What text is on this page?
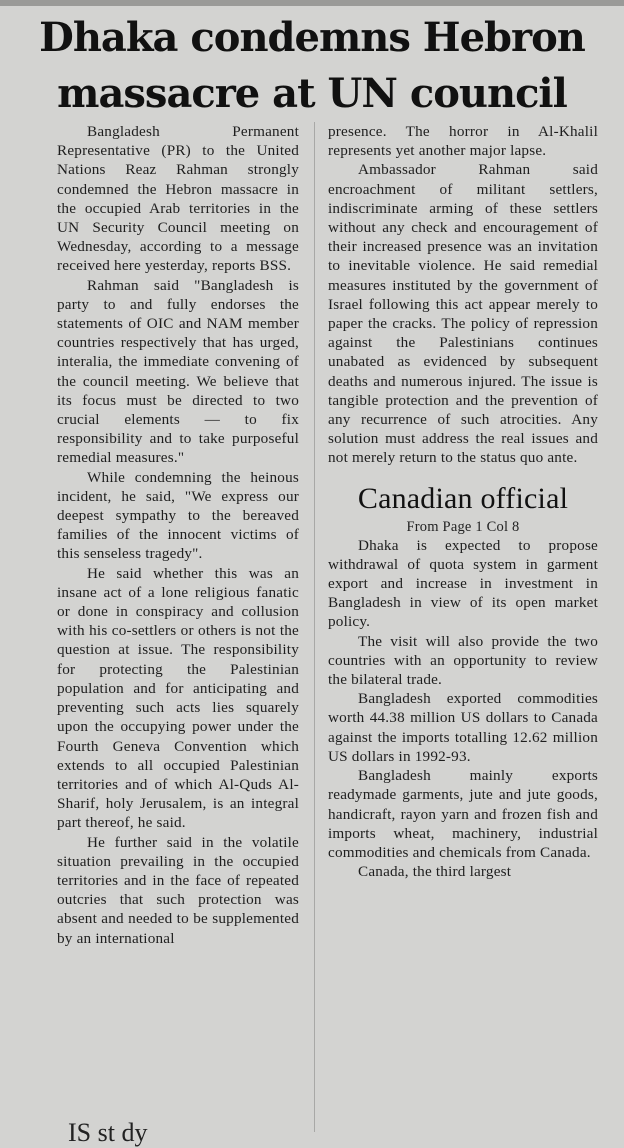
Dhaka condemns Hebron massacre at UN council

Bangladesh Permanent Representative (PR) to the United Nations Reaz Rahman strongly condemned the Hebron massacre in the occupied Arab territories in the UN Security Council meeting on Wednesday, according to a message received here yesterday, reports BSS.

Rahman said "Bangladesh is party to and fully endorses the statements of OIC and NAM member countries respectively that has urged, interalia, the immediate convening of the council meeting. We believe that its focus must be directed to two crucial elements — to fix responsibility and to take purposeful remedial measures."

While condemning the heinous incident, he said, "We express our deepest sympathy to the bereaved families of the innocent victims of this senseless tragedy".

He said whether this was an insane act of a lone religious fanatic or done in conspiracy and collusion with his co-settlers or others is not the question at issue. The responsibility for protecting the Palestinian population and for anticipating and preventing such acts lies squarely upon the occupying power under the Fourth Geneva Convention which extends to all occupied Palestinian territories and of which Al-Quds Al-Sharif, holy Jerusalem, is an integral part thereof, he said.

He further said in the volatile situation prevailing in the occupied territories and in the face of repeated outcries that such protection was absent and needed to be supplemented by an international

presence. The horror in Al-Khalil represents yet another major lapse.

Ambassador Rahman said encroachment of militant settlers, indiscriminate arming of these settlers without any check and encouragement of their increased presence was an invitation to inevitable violence. He said remedial measures instituted by the government of Israel following this act appear merely to paper the cracks. The policy of repression against the Palestinians continues unabated as evidenced by subsequent deaths and numerous injured. The issue is tangible protection and the prevention of any recurrence of such atrocities. Any solution must address the real issues and not merely return to the status quo ante.

Canadian official
From Page 1 Col 8

Dhaka is expected to propose withdrawal of quota system in garment export and increase in investment in Bangladesh in view of its open market policy.

The visit will also provide the two countries with an opportunity to review the bilateral trade.

Bangladesh exported commodities worth 44.38 million US dollars to Canada against the imports totalling 12.62 million US dollars in 1992-93.

Bangladesh mainly exports readymade garments, jute and jute goods, handicraft, rayon yarn and frozen fish and imports wheat, machinery, industrial commodities and chemicals from Canada.

Canada, the third largest

IS st dy
